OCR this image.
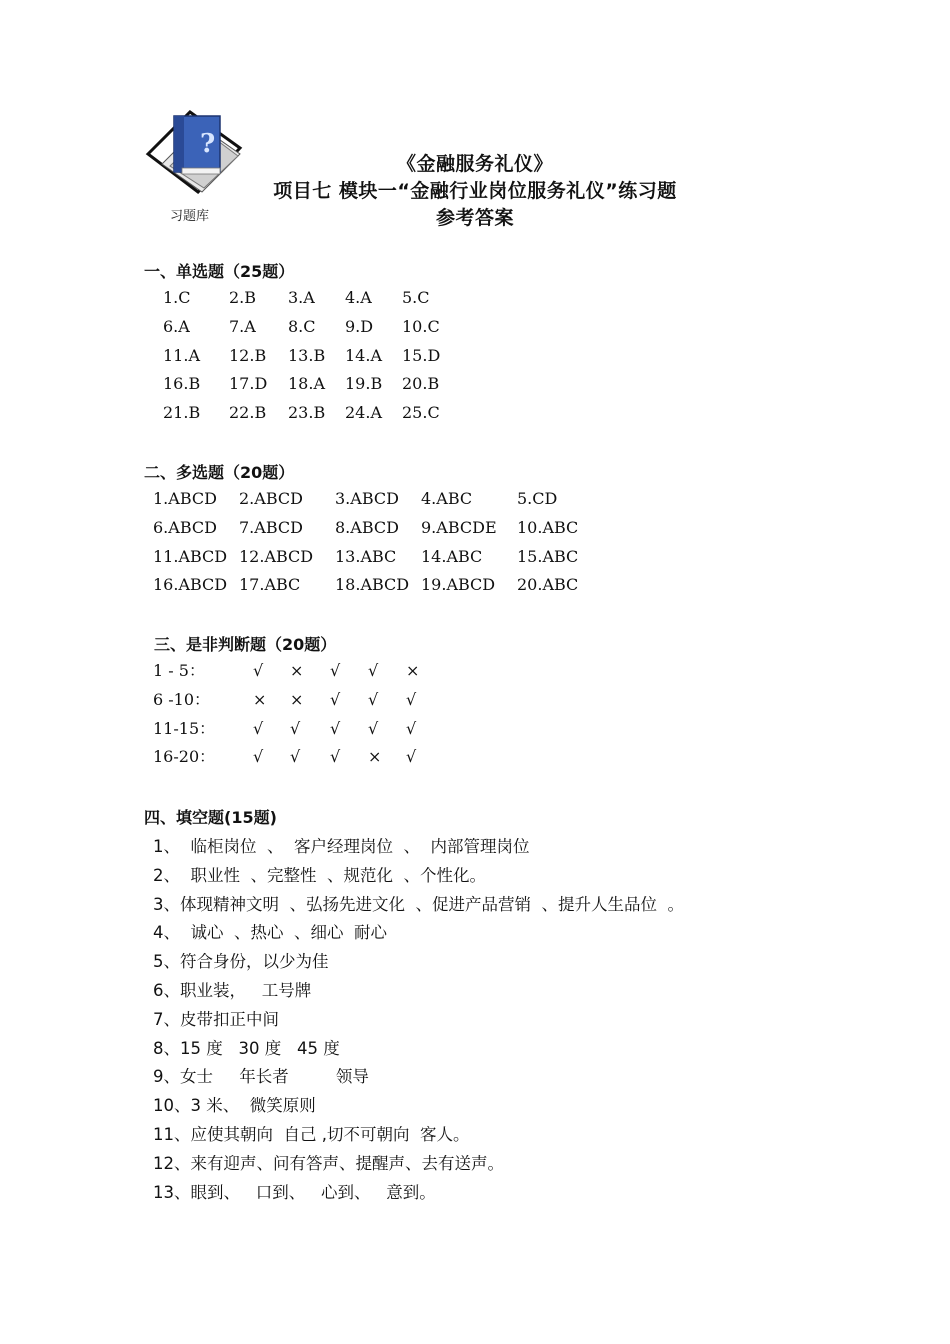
?
习题库
《金融服务礼仪》
项目七 模块一“金融行业岗位服务礼仪”练习题
参考答案
一、单选题（25题）
1.C 2.B 3.A 4.A 5.C
6.A 7.A 8.C 9.D 10.C
11.A 12.B 13.B 14.A 15.D
16.B 17.D 18.A 19.B 20.B
21.B 22.B 23.B 24.A 25.C
二、多选题（20题）
1.ABCD 2.ABCD 3.ABCD 4.ABC	5.CD
6.ABCD 7.ABCD 8.ABCD 9.ABCDE 10.ABC
11.ABCD 12.ABCD 13.ABC 14.ABC 15.ABC
16.ABCD 17.ABC 18.ABCD 19.ABCD 20.ABC
三、是非判断题（20题）
1 - 5：	√ × √ √ ×
6 -10：	× × √ √ √
11-15： √ √ √ √ √
16-20： √ √ √ × √
四、填空题(15题)
1、  临柜岗位  、  客户经理岗位  、  内部管理岗位
2、  职业性  、完整性  、规范化  、个性化。
3、体现精神文明  、弘扬先进文化  、促进产品营销  、提升人生品位  。
4、  诚心  、热心  、细心  耐心
5、符合身份，以少为佳
6、职业装，   工号牌
7、皮带扣正中间
8、15 度   30 度   45 度
9、女士     年长者         领导
10、3 米、  微笑原则
11、应使其朝向  自己 ,切不可朝向  客人。
12、来有迎声、问有答声、提醒声、去有送声。
13、眼到、   口到、   心到、   意到。
